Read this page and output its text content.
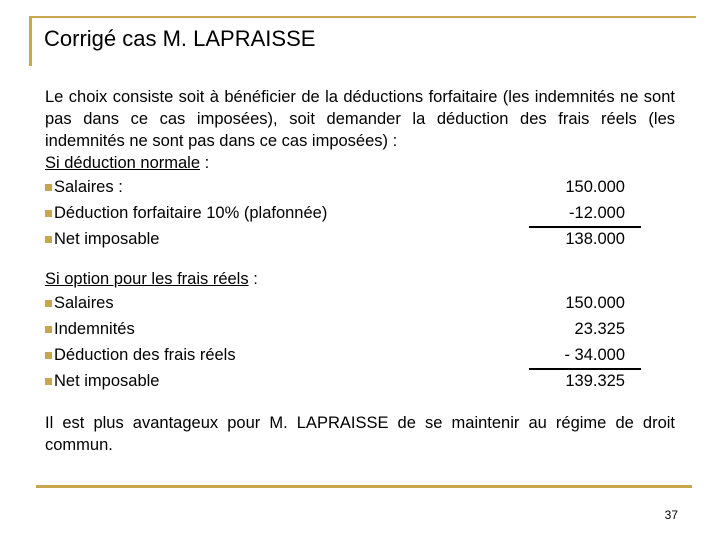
Corrigé cas M. LAPRAISSE

Le choix consiste soit à bénéficier de la déductions forfaitaire (les indemnités ne sont pas dans ce cas imposées), soit demander la déduction des frais réels (les indemnités ne sont pas dans ce cas imposées) :

Si déduction normale :
Salaires :	150.000
Déduction forfaitaire 10% (plafonnée)	-12.000
Net imposable	138.000
Si option pour les frais réels :
Salaires	150.000
Indemnités	23.325
Déduction des frais réels	- 34.000
Net imposable	139.325

Il est plus avantageux pour M. LAPRAISSE de se maintenir au régime de droit commun.

37
